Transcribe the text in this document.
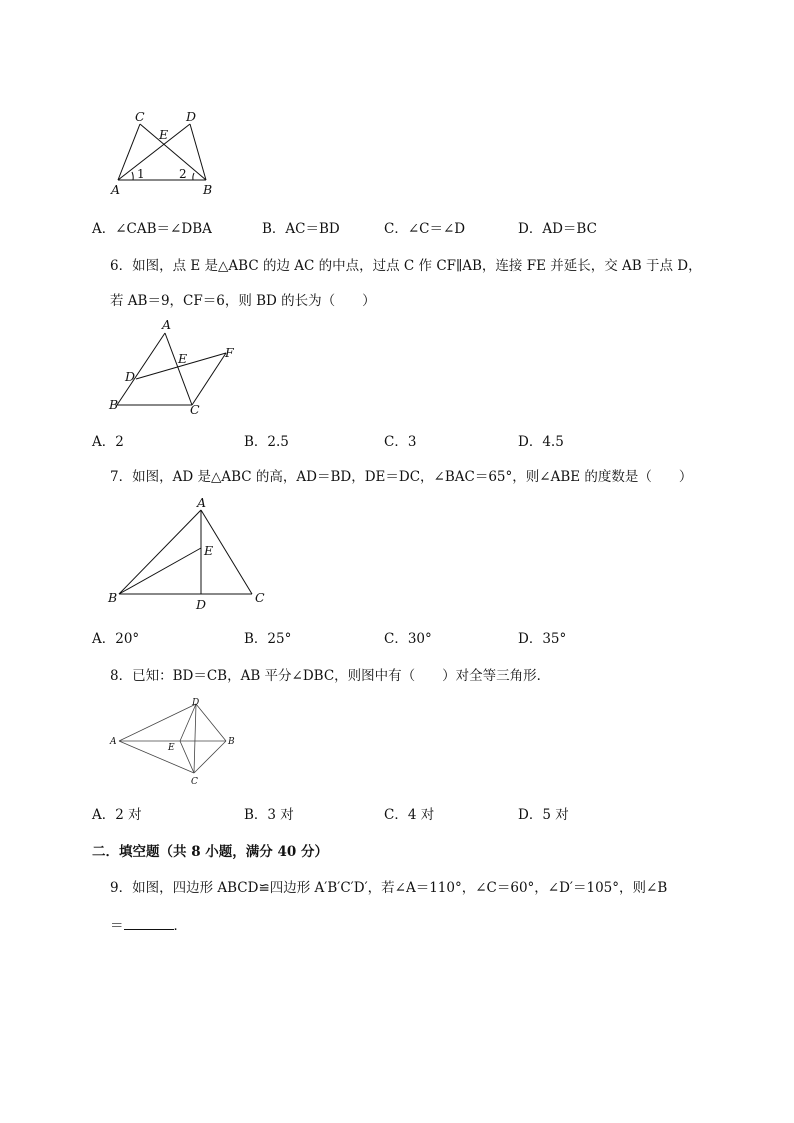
C	D
E
A	B
1	2
A．∠CAB＝∠DBA	B．AC＝BD	C．∠C＝∠D	D．AD＝BC
6．如图，点 E 是△ABC 的边 AC 的中点，过点 C 作 CF∥AB，连接 FE 并延长，交 AB 于点 D，
若 AB＝9，CF＝6，则 BD 的长为（　　）
A
E	F
D
B	C
A．2	B．2.5	C．3	D．4.5
7．如图，AD 是△ABC 的高，AD＝BD，DE＝DC，∠BAC＝65°，则∠ABE 的度数是（　　）
A
E
B	D	C
A．20°	B．25°	C．30°	D．35°
8．已知：BD＝CB，AB 平分∠DBC，则图中有（　　）对全等三角形．
D
A
E
B
C
A．2 对	B．3 对	C．4 对	D．5 对
二．填空题（共 8 小题，满分 40 分）
9．如图，四边形 ABCD≌四边形 A′B′C′D′，若∠A＝110°，∠C＝60°，∠D′＝105°，则∠B
＝	．
